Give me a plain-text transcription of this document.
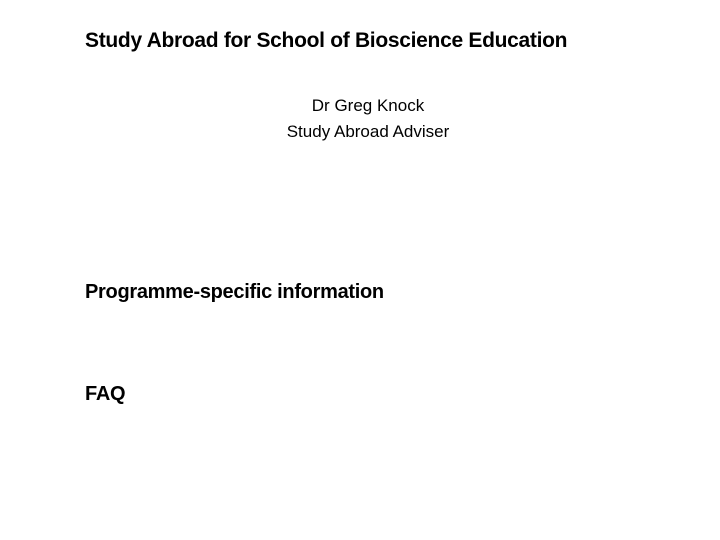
Study Abroad for School of Bioscience Education
Dr Greg Knock
Study Abroad Adviser
Programme-specific information
FAQ
